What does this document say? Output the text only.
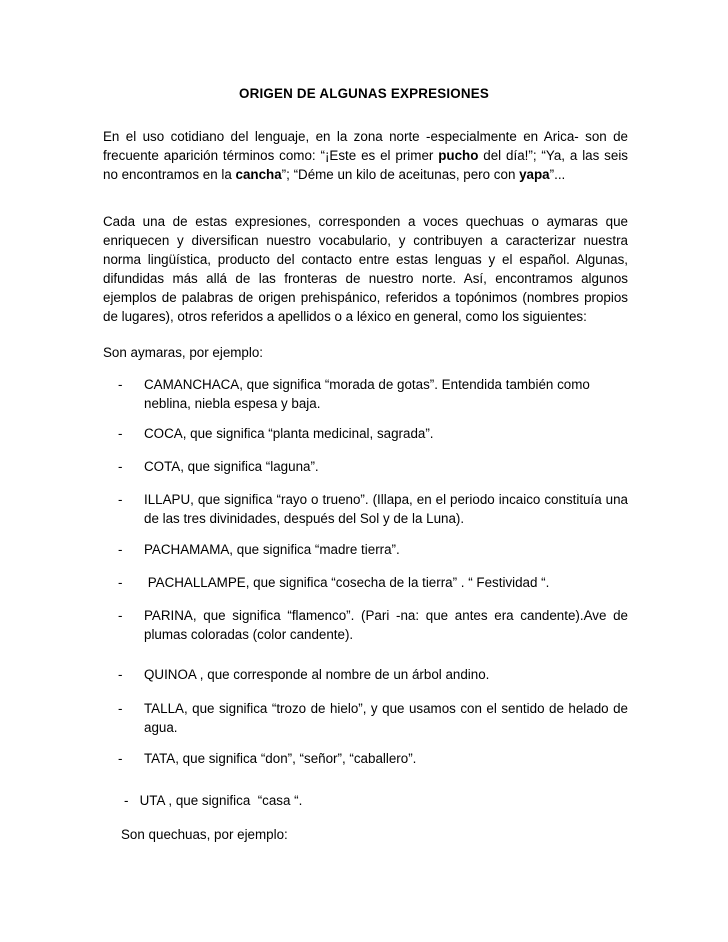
ORIGEN DE ALGUNAS EXPRESIONES
En el uso cotidiano del lenguaje, en la zona norte -especialmente en Arica- son de frecuente aparición términos como: “¡Este es el primer pucho del día!”; “Ya, a las seis no encontramos en la cancha”; “Déme un kilo de aceitunas, pero con yapa”...
Cada una de estas expresiones, corresponden a voces quechuas o aymaras que enriquecen y diversifican nuestro vocabulario, y contribuyen a caracterizar nuestra norma lingüística, producto del contacto entre estas lenguas y el español. Algunas, difundidas más allá de las fronteras de nuestro norte. Así, encontramos algunos ejemplos de palabras de origen prehispánico, referidos a topónimos (nombres propios de lugares), otros referidos a apellidos o a léxico en general, como los siguientes:
Son aymaras, por ejemplo:
- CAMANCHACA, que significa “morada de gotas”. Entendida también como neblina, niebla espesa y baja.
- COCA, que significa “planta medicinal, sagrada”.
- COTA, que significa “laguna”.
- ILLAPU, que significa “rayo o trueno”. (Illapa, en el periodo incaico constituía una de las tres divinidades, después del Sol y de la Luna).
- PACHAMAMA, que significa “madre tierra”.
- PACHALLAMPE, que significa “cosecha de la tierra” . “ Festividad “.
- PARINA, que significa “flamenco”. (Pari -na: que antes era candente).Ave de plumas coloradas (color candente).
- QUINOA , que corresponde al nombre de un árbol andino.
- TALLA, que significa “trozo de hielo”, y que usamos con el sentido de helado de agua.
- TATA, que significa “don”, “señor”, “caballero”.
-   UTA , que significa  “casa “.
Son quechuas, por ejemplo:
